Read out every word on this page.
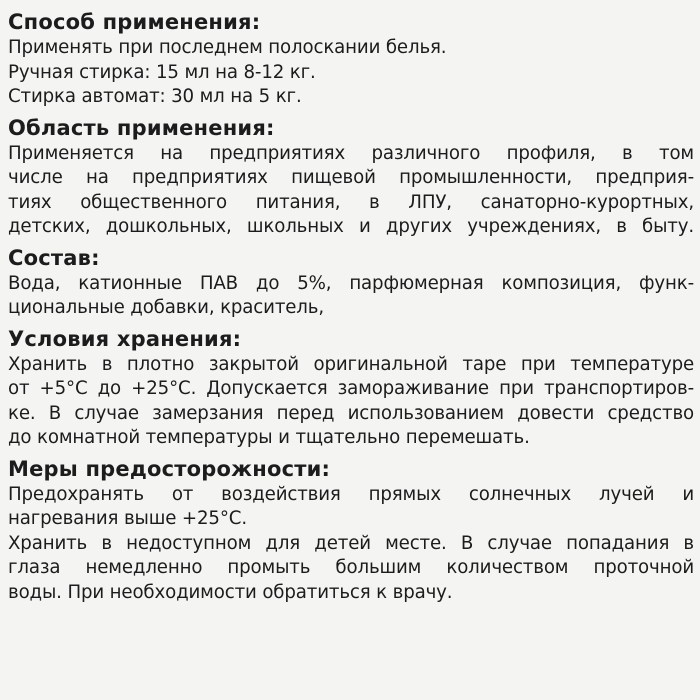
Способ применения:
Применять при последнем полоскании белья.
Ручная стирка: 15 мл на 8-12 кг.
Стирка автомат: 30 мл на 5 кг.
Область применения:
Применяется на предприятиях различного профиля, в том
числе на предприятиях пищевой промышленности, предприя-
тиях общественного питания, в ЛПУ, санаторно-курортных,
детских, дошкольных, школьных и других учреждениях, в быту.
Состав:
Вода, катионные ПАВ до 5%, парфюмерная композиция, функ-
циональные добавки, краситель,
Условия хранения:
Хранить в плотно закрытой оригинальной таре при температуре
от +5°С до +25°С. Допускается замораживание при транспортиров-
ке. В случае замерзания перед использованием довести средство
до комнатной температуры и тщательно перемешать.
Меры предосторожности:
Предохранять от воздействия прямых солнечных лучей и
нагревания выше +25°С.
Хранить в недоступном для детей месте. В случае попадания в
глаза немедленно промыть большим количеством проточной
воды. При необходимости обратиться к врачу.
